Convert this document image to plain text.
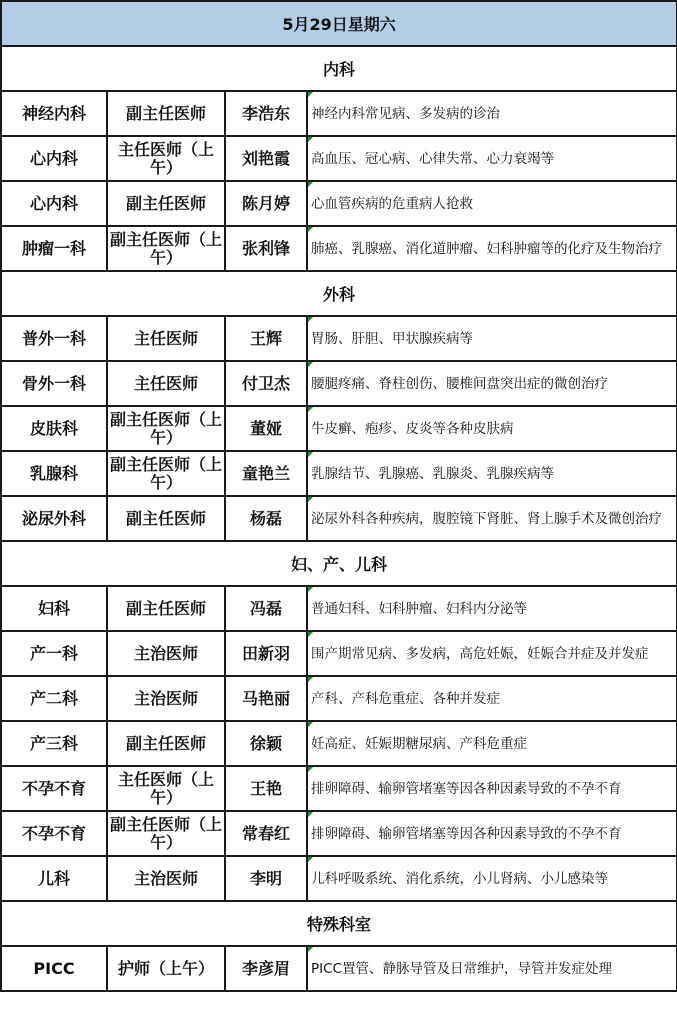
5月29日星期六			
内科			
神经内科	副主任医师	李浩东	神经内科常见病、多发病的诊治
心内科	主任医师（上午）	刘艳霞	高血压、冠心病、心律失常、心力衰竭等
心内科	副主任医师	陈月婷	心血管疾病的危重病人抢救
肿瘤一科	副主任医师（上午）	张利锋	肺癌、乳腺癌、消化道肿瘤、妇科肿瘤等的化疗及生物治疗
外科			
普外一科	主任医师	王辉	胃肠、肝胆、甲状腺疾病等
骨外一科	主任医师	付卫杰	腰腿疼痛、脊柱创伤、腰椎间盘突出症的微创治疗
皮肤科	副主任医师（上午）	董娅	牛皮癣、疱疹、皮炎等各种皮肤病
乳腺科	副主任医师（上午）	童艳兰	乳腺结节、乳腺癌、乳腺炎、乳腺疾病等
泌尿外科	副主任医师	杨磊	泌尿外科各种疾病，腹腔镜下肾脏、肾上腺手术及微创治疗
妇、产、儿科			
妇科	副主任医师	冯磊	普通妇科、妇科肿瘤、妇科内分泌等
产一科	主治医师	田新羽	围产期常见病、多发病，高危妊娠，妊娠合并症及并发症
产二科	主治医师	马艳丽	产科、产科危重症、各种并发症
产三科	副主任医师	徐颖	妊高症、妊娠期糖尿病、产科危重症
不孕不育	主任医师（上午）	王艳	排卵障碍、输卵管堵塞等因各种因素导致的不孕不育
不孕不育	副主任医师（上午）	常春红	排卵障碍、输卵管堵塞等因各种因素导致的不孕不育
儿科	主治医师	李明	儿科呼吸系统、消化系统，小儿肾病、小儿感染等
特殊科室			
PICC	护师（上午）	李彦眉	PICC置管、静脉导管及日常维护，导管并发症处理
